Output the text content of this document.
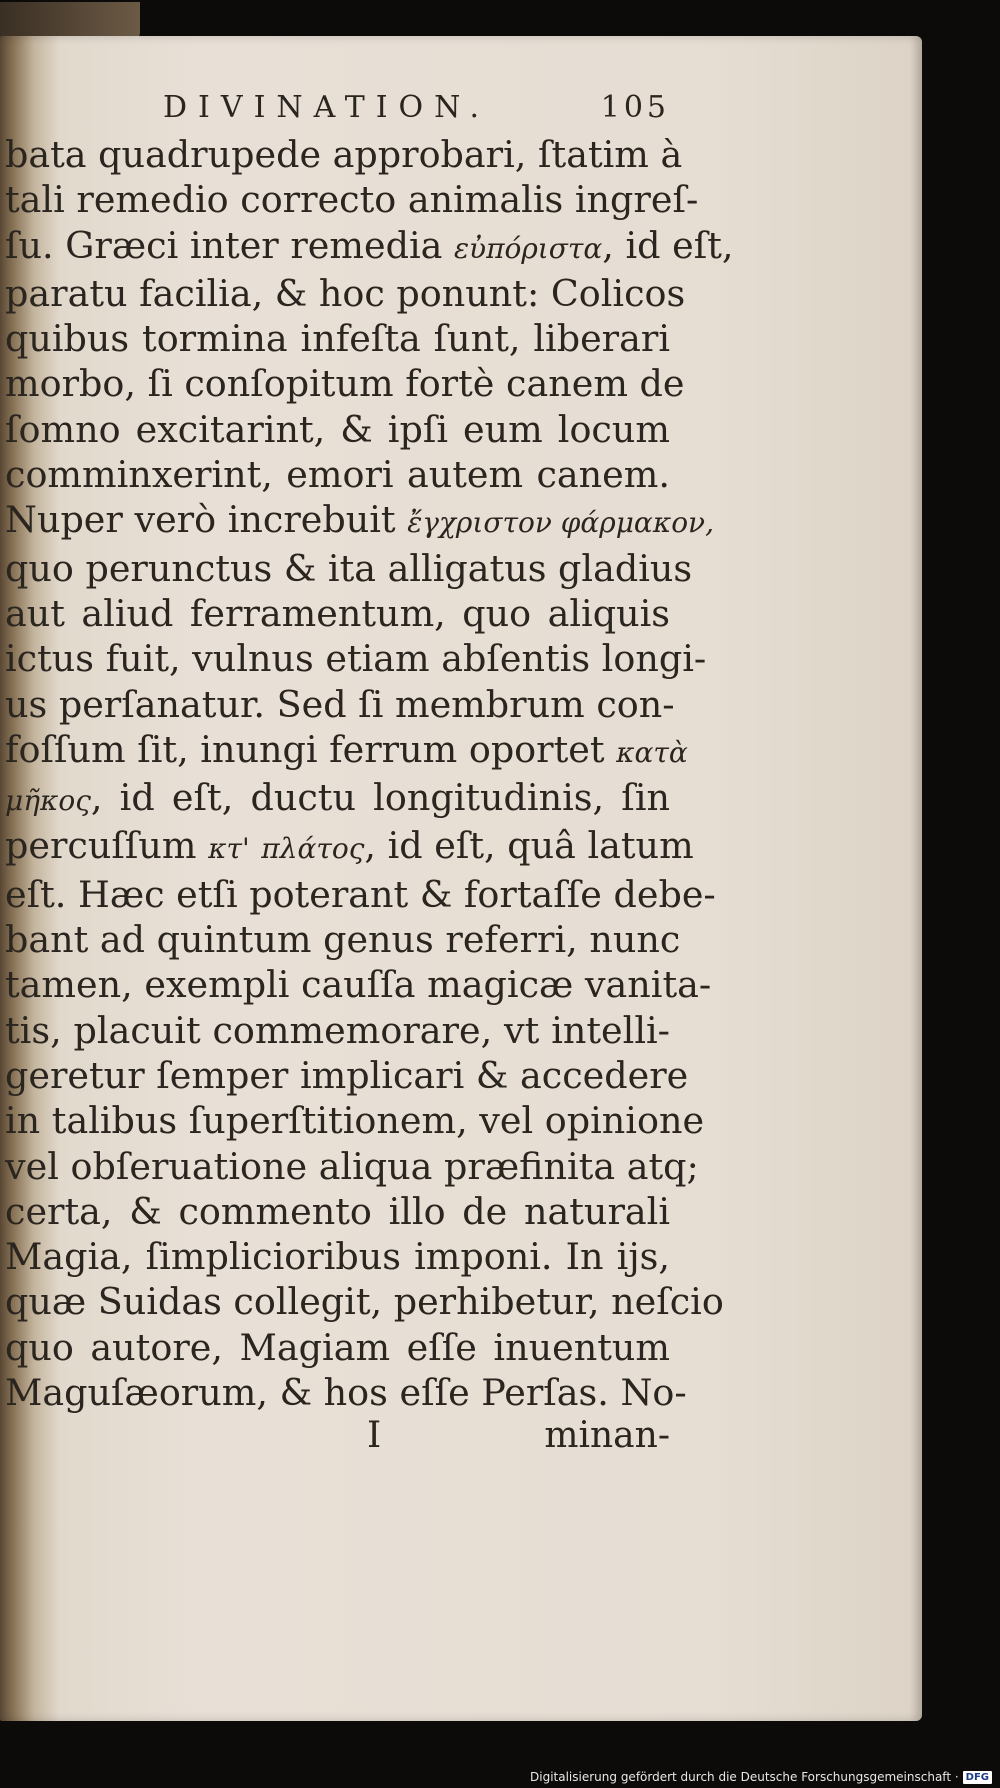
DIVINATION.	105
bata quadrupede approbari, ſtatim à
tali remedio correcto animalis ingreſ-
ſu. Græci inter remedia εὐπόριστα, id eſt,
paratu facilia, & hoc ponunt: Colicos
quibus tormina infeſta ſunt, liberari
morbo, ſi conſopitum fortè canem de
ſomno excitarint, & ipſi eum locum
comminxerint, emori autem canem.
Nuper verò increbuit ἔγχριστον φάρμακον,
quo perunctus & ita alligatus gladius
aut aliud ferramentum, quo aliquis
ictus fuit, vulnus etiam abſentis longi-
us perſanatur. Sed ſi membrum con-
foſſum ſit, inungi ferrum oportet κατὰ
μῆκος, id eſt, ductu longitudinis, ſin
percuſſum κτ' πλάτος, id eſt, quâ latum
eſt. Hæc etſi poterant & fortaſſe debe-
bant ad quintum genus referri, nunc
tamen, exempli cauſſa magicæ vanita-
tis, placuit commemorare, vt intelli-
geretur ſemper implicari & accedere
in talibus ſuperſtitionem, vel opinione
vel obſeruatione aliqua præfinita atq;
certa, & commento illo de naturali
Magia, ſimplicioribus imponi. In ijs,
quæ Suidas collegit, perhibetur, neſcio
quo autore, Magiam eſſe inuentum
Maguſæorum, & hos eſſe Perſas. No-
I	minan-
Digitalisierung gefördert durch die Deutsche Forschungsgemeinschaft · DFG
